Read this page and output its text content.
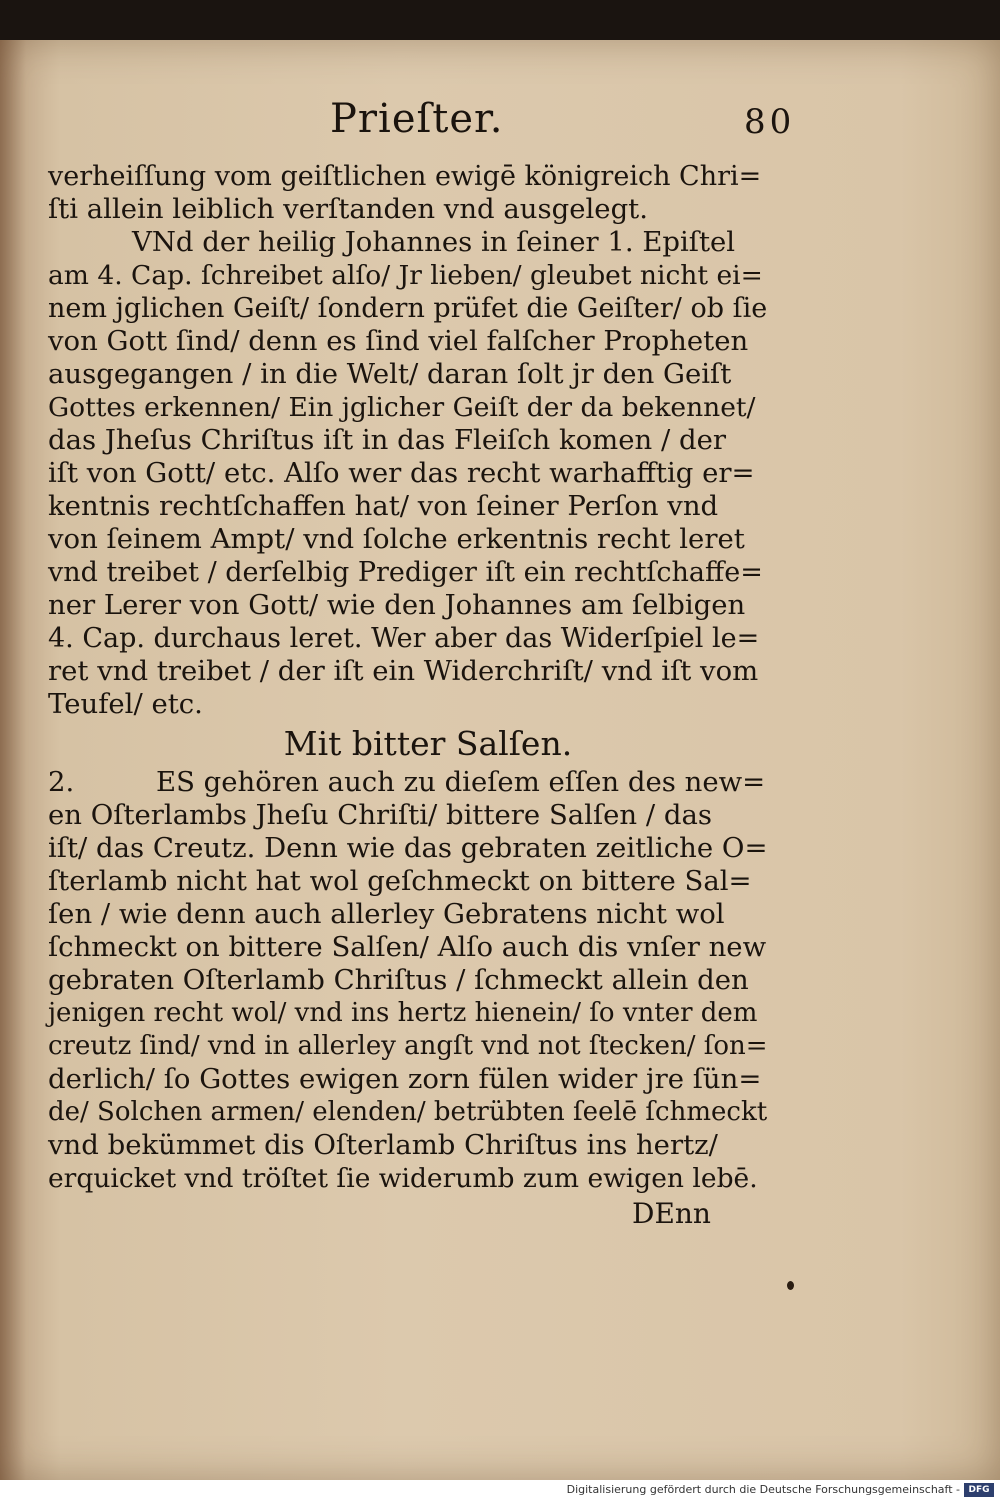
Prieſter.	80
verheiſſung vom geiſtlichen ewigē königreich Chri=
ſti allein leiblich verſtanden vnd ausgelegt.
VNd der heilig Johannes in ſeiner 1. Epiſtel
am 4. Cap. ſchreibet alſo/ Jr lieben/ gleubet nicht ei=
nem jglichen Geiſt/ ſondern prüfet die Geiſter/ ob ſie
von Gott ſind/ denn es ſind viel falſcher Propheten
ausgegangen / in die Welt/ daran ſolt jr den Geiſt
Gottes erkennen/ Ein jglicher Geiſt der da bekennet/
das Jheſus Chriſtus iſt in das Fleiſch komen / der
iſt von Gott/ etc. Alſo wer das recht warhafftig er=
kentnis rechtſchaffen hat/ von ſeiner Perſon vnd
von ſeinem Ampt/ vnd ſolche erkentnis recht leret
vnd treibet / derſelbig Prediger iſt ein rechtſchaffe=
ner Lerer von Gott/ wie den Johannes am ſelbigen
4. Cap. durchaus leret. Wer aber das Widerſpiel le=
ret vnd treibet / der iſt ein Widerchriſt/ vnd iſt vom
Teufel/ etc.
Mit bitter Salſen.
2.	ES gehören auch zu dieſem eſſen des new=
en Oſterlambs Jheſu Chriſti/ bittere Salſen / das
iſt/ das Creutz. Denn wie das gebraten zeitliche O=
ſterlamb nicht hat wol geſchmeckt on bittere Sal=
ſen / wie denn auch allerley Gebratens nicht wol
ſchmeckt on bittere Salſen/ Alſo auch dis vnſer new
gebraten Oſterlamb Chriſtus / ſchmeckt allein den
jenigen recht wol/ vnd ins hertz hienein/ ſo vnter dem
creutz ſind/ vnd in allerley angſt vnd not ſtecken/ ſon=
derlich/ ſo Gottes ewigen zorn fülen wider jre ſün=
de/ Solchen armen/ elenden/ betrübten ſeelē ſchmeckt
vnd bekümmet dis Oſterlamb Chriſtus ins hertz/
erquicket vnd tröſtet ſie widerumb zum ewigen lebē.
DEnn
Digitalisierung gefördert durch die Deutsche Forschungsgemeinschaft - DFG
